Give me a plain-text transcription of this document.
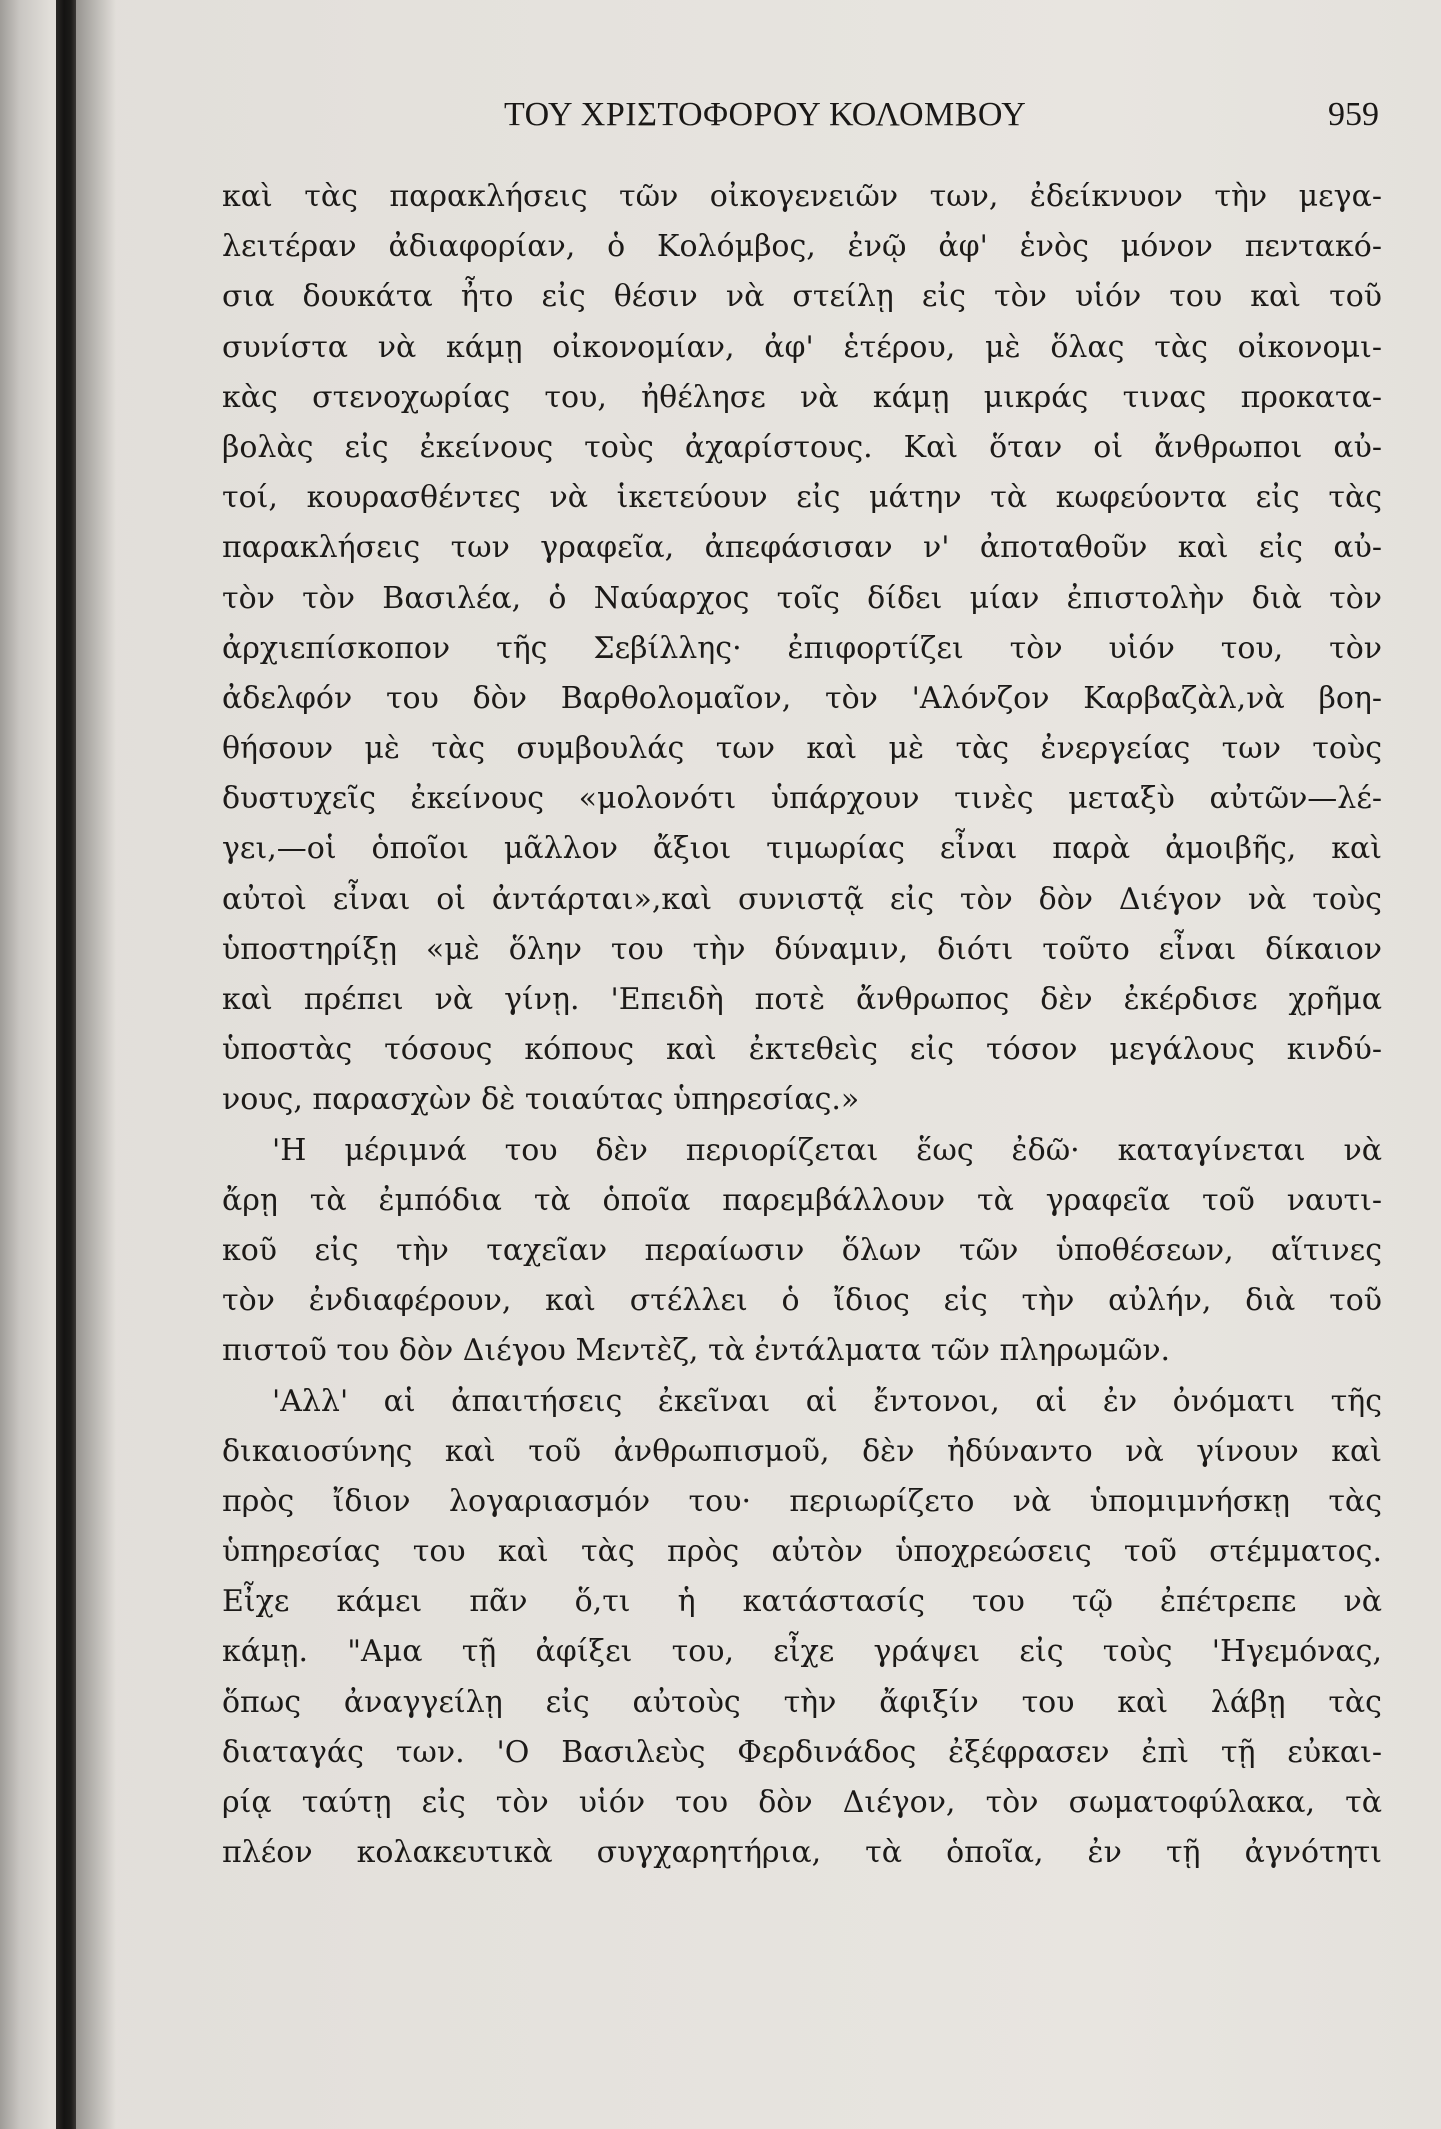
ΤΟΥ ΧΡΙΣΤΟΦΟΡΟΥ ΚΟΛΟΜΒΟΥ	959
καὶ τὰς παρακλήσεις τῶν οἰκογενειῶν των, ἐδείκνυον τὴν μεγα-
λειτέραν ἀδιαφορίαν, ὁ Κολόμβος, ἐνῷ ἀφ' ἑνὸς μόνον πεντακό-
σια δουκάτα ἦτο εἰς θέσιν νὰ στείλῃ εἰς τὸν υἱόν του καὶ τοῦ
συνίστα νὰ κάμῃ οἰκονομίαν, ἀφ' ἑτέρου, μὲ ὅλας τὰς οἰκονομι-
κὰς στενοχωρίας του, ἠθέλησε νὰ κάμῃ μικράς τινας προκατα-
βολὰς εἰς ἐκείνους τοὺς ἀχαρίστους. Καὶ ὅταν οἱ ἄνθρωποι αὐ-
τοί, κουρασθέντες νὰ ἱκετεύουν εἰς μάτην τὰ κωφεύοντα εἰς τὰς
παρακλήσεις των γραφεῖα, ἀπεφάσισαν ν' ἀποταθοῦν καὶ εἰς αὐ-
τὸν τὸν Βασιλέα, ὁ Ναύαρχος τοῖς δίδει μίαν ἐπιστολὴν διὰ τὸν
ἀρχιεπίσκοπον τῆς Σεβίλλης· ἐπιφορτίζει τὸν υἱόν του, τὸν
ἀδελφόν του δὸν Βαρθολομαῖον, τὸν 'Αλόνζον Καρβαζὰλ,νὰ βοη-
θήσουν μὲ τὰς συμβουλάς των καὶ μὲ τὰς ἐνεργείας των τοὺς
δυστυχεῖς ἐκείνους «μολονότι ὑπάρχουν τινὲς μεταξὺ αὐτῶν—λέ-
γει,—οἱ ὁποῖοι μᾶλλον ἄξιοι τιμωρίας εἶναι παρὰ ἀμοιβῆς, καὶ
αὐτοὶ εἶναι οἱ ἀντάρται»,καὶ συνιστᾷ εἰς τὸν δὸν Διέγον νὰ τοὺς
ὑποστηρίξῃ «μὲ ὅλην του τὴν δύναμιν, διότι τοῦτο εἶναι δίκαιον
καὶ πρέπει νὰ γίνῃ. 'Επειδὴ ποτὲ ἄνθρωπος δὲν ἐκέρδισε χρῆμα
ὑποστὰς τόσους κόπους καὶ ἐκτεθεὶς εἰς τόσον μεγάλους κινδύ-
νους, παρασχὼν δὲ τοιαύτας ὑπηρεσίας.»
'Η μέριμνά του δὲν περιορίζεται ἕως ἐδῶ· καταγίνεται νὰ
ἄρῃ τὰ ἐμπόδια τὰ ὁποῖα παρεμβάλλουν τὰ γραφεῖα τοῦ ναυτι-
κοῦ εἰς τὴν ταχεῖαν περαίωσιν ὅλων τῶν ὑποθέσεων, αἵτινες
τὸν ἐνδιαφέρουν, καὶ στέλλει ὁ ἴδιος εἰς τὴν αὐλήν, διὰ τοῦ
πιστοῦ του δὸν Διέγου Μεντὲζ, τὰ ἐντάλματα τῶν πληρωμῶν.
'Αλλ' αἱ ἀπαιτήσεις ἐκεῖναι αἱ ἔντονοι, αἱ ἐν ὀνόματι τῆς
δικαιοσύνης καὶ τοῦ ἀνθρωπισμοῦ, δὲν ἠδύναντο νὰ γίνουν καὶ
πρὸς ἴδιον λογαριασμόν του· περιωρίζετο νὰ ὑπομιμνήσκῃ τὰς
ὑπηρεσίας του καὶ τὰς πρὸς αὐτὸν ὑποχρεώσεις τοῦ στέμματος.
Εἶχε κάμει πᾶν ὅ,τι ἡ κατάστασίς του τῷ ἐπέτρεπε νὰ
κάμῃ. "Αμα τῇ ἀφίξει του, εἶχε γράψει εἰς τοὺς 'Ηγεμόνας,
ὅπως ἀναγγείλῃ εἰς αὐτοὺς τὴν ἄφιξίν του καὶ λάβῃ τὰς
διαταγάς των. 'Ο Βασιλεὺς Φερδινάδος ἐξέφρασεν ἐπὶ τῇ εὐκαι-
ρίᾳ ταύτῃ εἰς τὸν υἱόν του δὸν Διέγον, τὸν σωματοφύλακα, τὰ
πλέον κολακευτικὰ συγχαρητήρια, τὰ ὁποῖα, ἐν τῇ ἀγνότητι
